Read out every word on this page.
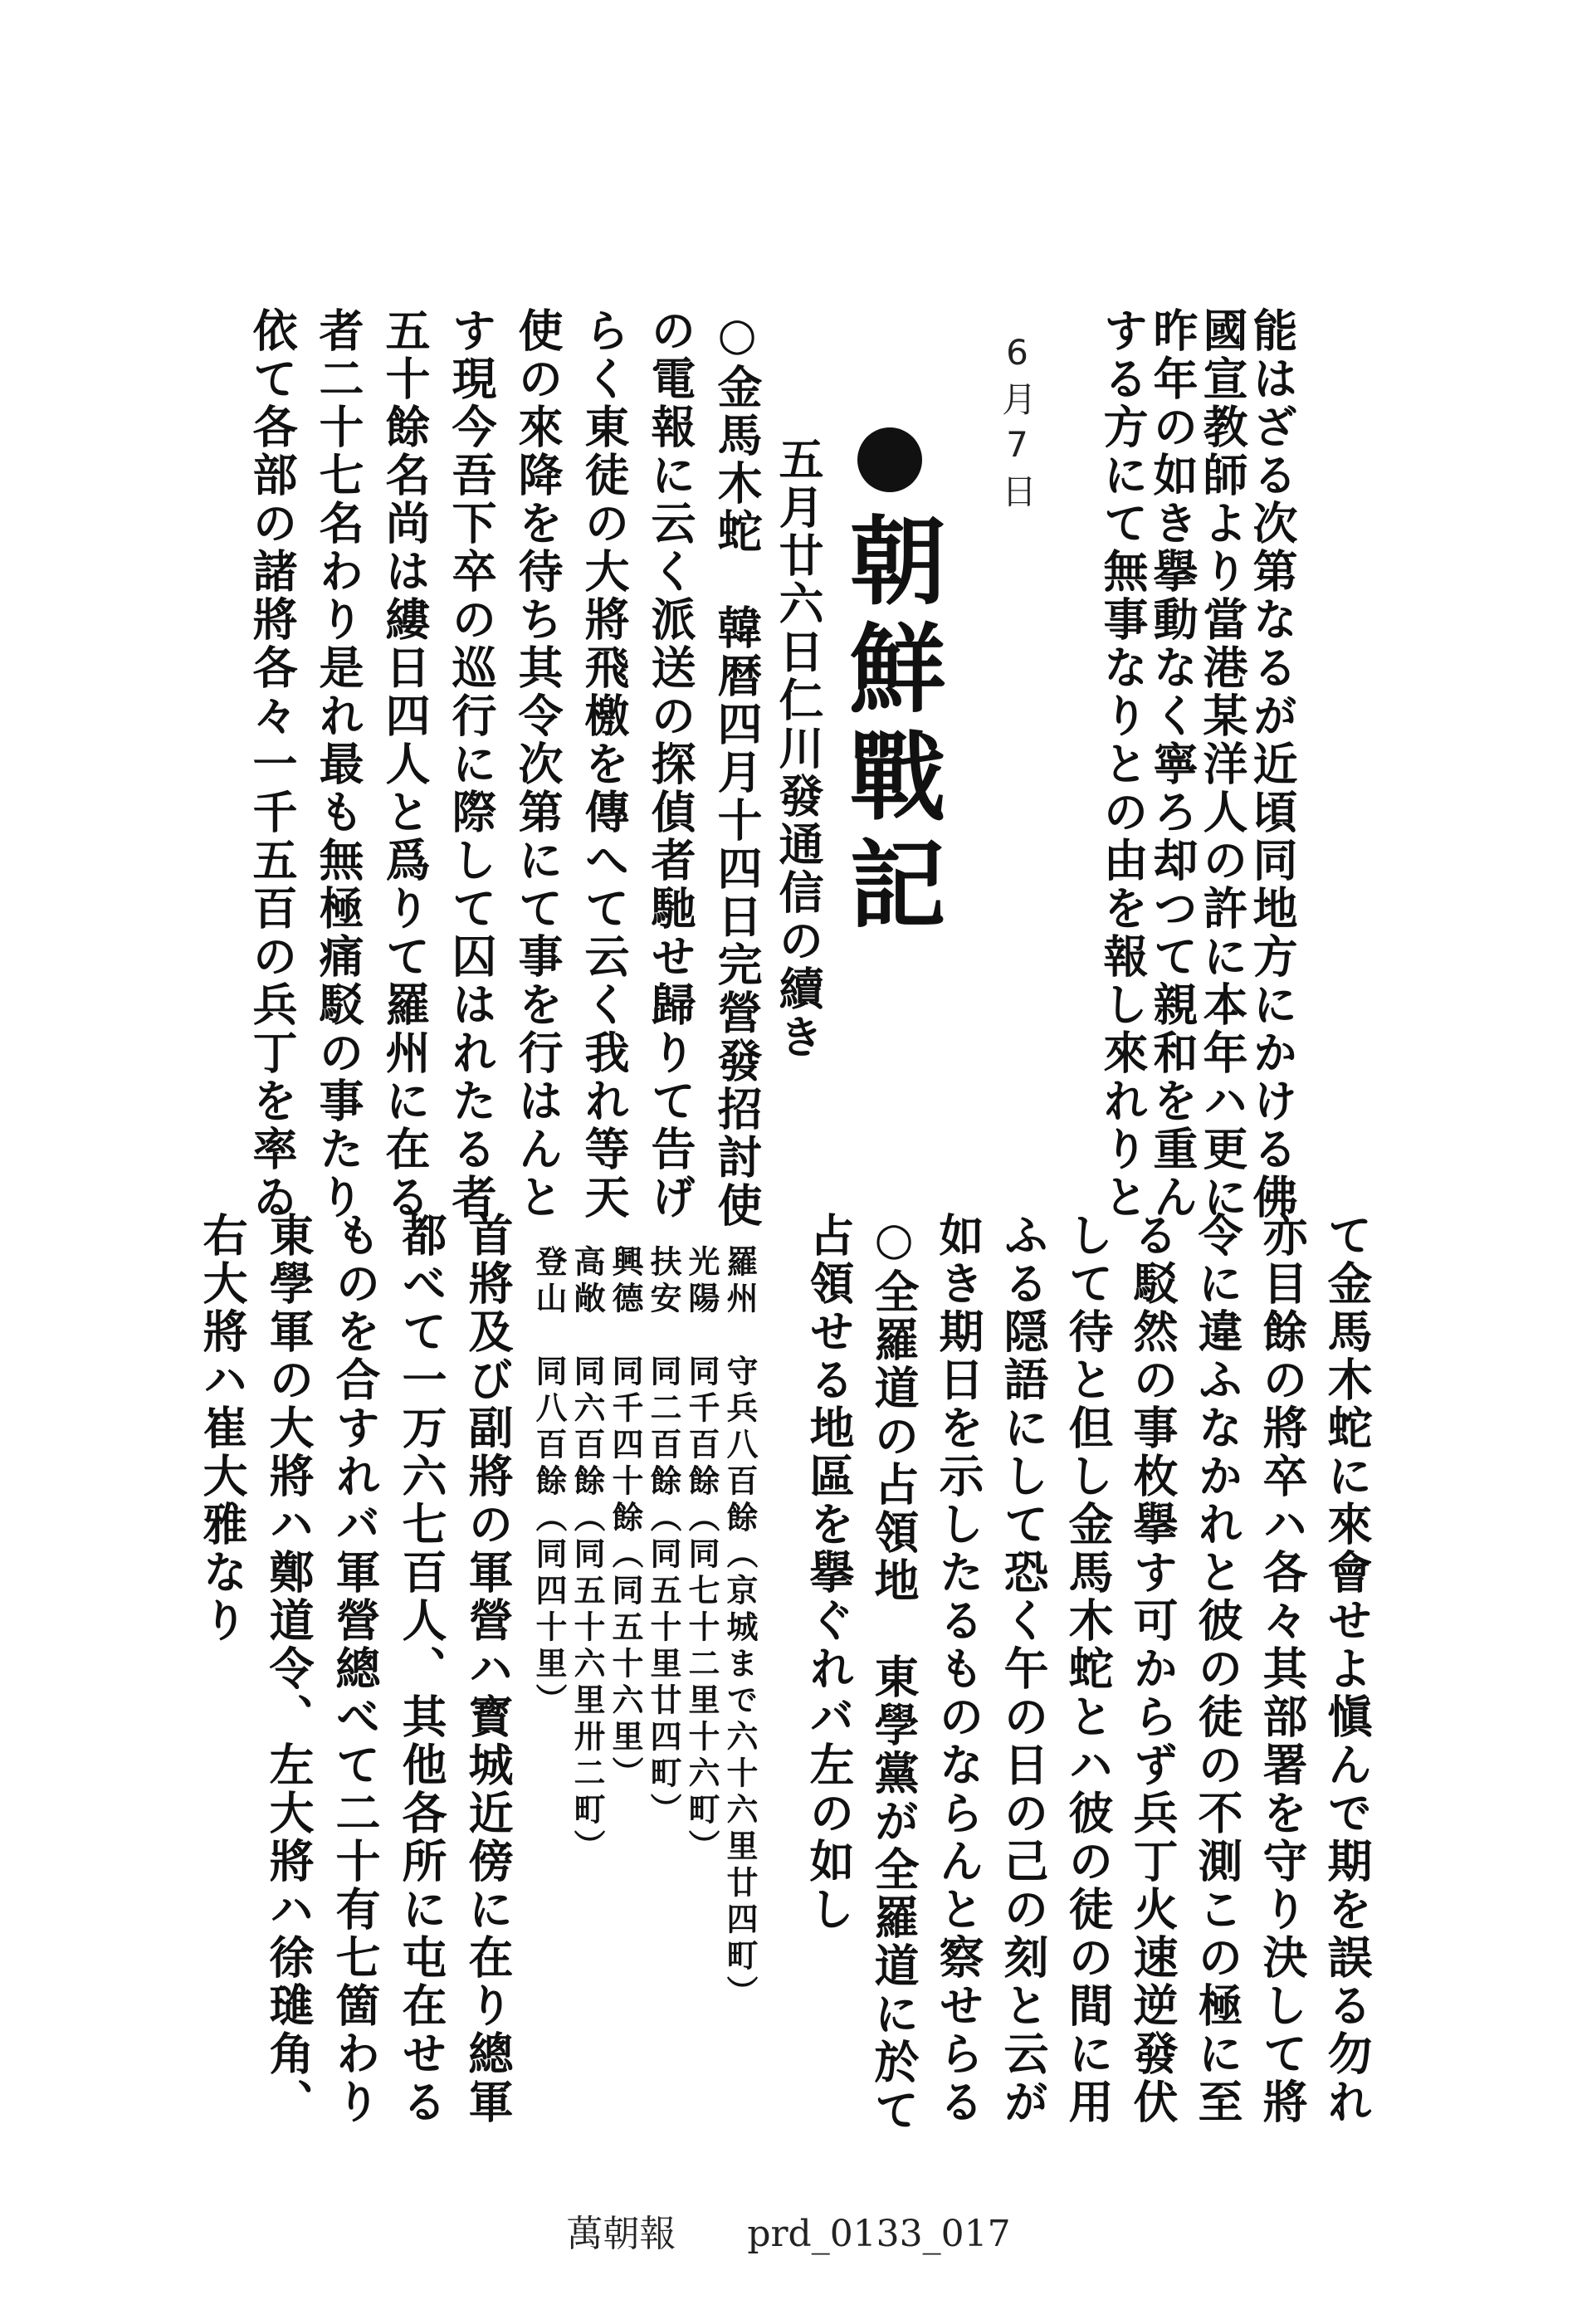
能はざる次第なるが近頃同地方にかける佛
國宣教師より當港某洋人の許に本年ハ更に
昨年の如き擧動なく寧ろ却つて親和を重ん
する方にて無事なりとの由を報し來れりと
6月7日
朝鮮戰記
五月廿六日仁川發通信の續き
○金馬木蛇　韓暦四月十四日完營發招討使
の電報に云く派送の探偵者馳せ歸りて告げ
らく東徒の大將飛檄を傳へて云く我れ等天
使の來降を待ち其令次第にて事を行はんと
す現今吾下卒の巡行に際して囚はれたる者
五十餘名尚は縷日四人と爲りて羅州に在る
者二十七名わり是れ最も無極痛駁の事たり
依て各部の諸將各々一千五百の兵丁を率ゐ
て金馬木蛇に來會せよ愼んで期を誤る勿れ
亦目餘の將卒ハ各々其部署を守り決して將
令に違ふなかれと彼の徒の不測この極に至
る駁然の事枚擧す可からず兵丁火速逆發伏
して待と但し金馬木蛇とハ彼の徒の間に用
ふる隠語にして恐く午の日の己の刻と云が
如き期日を示したるものならんと察せらる
○全羅道の占領地　東學黨が全羅道に於て
占領せる地區を擧ぐれバ左の如し
羅州　守兵八百餘（京城まで六十六里廿四町）
光陽　同千百餘（同七十二里十六町）
扶安　同二百餘（同五十里廿四町）
興德　同千四十餘（同五十六里）
高敞　同六百餘（同五十六里卅二町）
登山　同八百餘（同四十里）
首將及び副將の軍營ハ寳城近傍に在り總軍
都べて一万六七百人、其他各所に屯在せる
ものを合すれバ軍營總べて二十有七箇わり
東學軍の大將ハ鄭道令、左大將ハ徐璡角、
右大將ハ崔大雅なり
萬朝報 prd_0133_017
